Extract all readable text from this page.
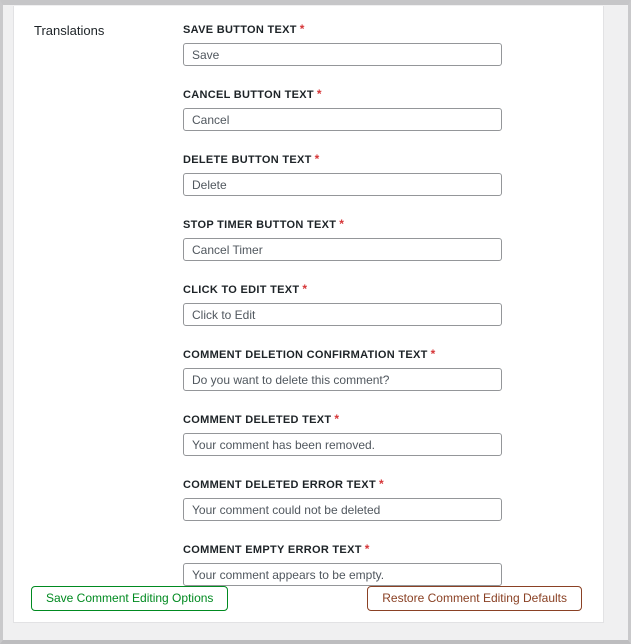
Translations	SAVE BUTTON TEXT *
Save
CANCEL BUTTON TEXT *
Cancel
DELETE BUTTON TEXT *
Delete
STOP TIMER BUTTON TEXT *
Cancel Timer
CLICK TO EDIT TEXT *
Click to Edit
COMMENT DELETION CONFIRMATION TEXT *
Do you want to delete this comment?
COMMENT DELETED TEXT *
Your comment has been removed.
COMMENT DELETED ERROR TEXT *
Your comment could not be deleted
COMMENT EMPTY ERROR TEXT *
Your comment appears to be empty.
Save Comment Editing Options	Restore Comment Editing Defaults
